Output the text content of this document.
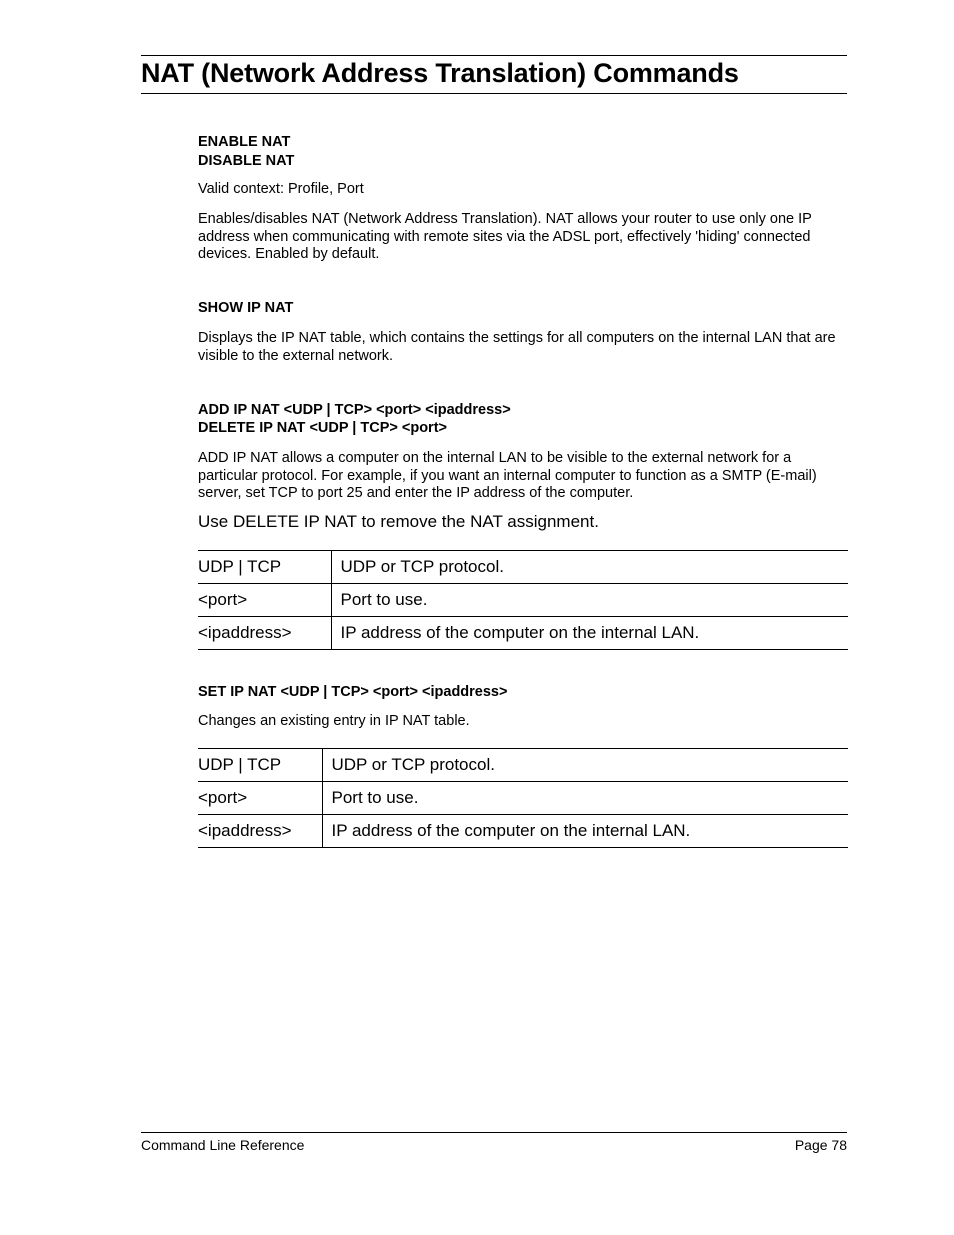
NAT (Network Address Translation) Commands
ENABLE NAT
DISABLE NAT
Valid context: Profile, Port
Enables/disables NAT (Network Address Translation). NAT allows your router to use only one IP address when communicating with remote sites via the ADSL port, effectively 'hiding' connected devices. Enabled by default.
SHOW IP NAT
Displays the IP NAT table, which contains the settings for all computers on the internal LAN that are visible to the external network.
ADD IP NAT <UDP | TCP> <port> <ipaddress>
DELETE IP NAT <UDP | TCP> <port>
ADD IP NAT allows a computer on the internal LAN to be visible to the external network for a particular protocol. For example, if you want an internal computer to function as a SMTP (E-mail) server, set TCP to port 25 and enter the IP address of the computer.
Use DELETE IP NAT to remove the NAT assignment.
UDP | TCP	UDP or TCP protocol.
<port>	Port to use.
<ipaddress>	IP address of the computer on the internal LAN.
SET IP NAT <UDP | TCP> <port> <ipaddress>
Changes an existing entry in IP NAT table.
UDP | TCP	UDP or TCP protocol.
<port>	Port to use.
<ipaddress>	IP address of the computer on the internal LAN.
Command Line Reference	Page 78
